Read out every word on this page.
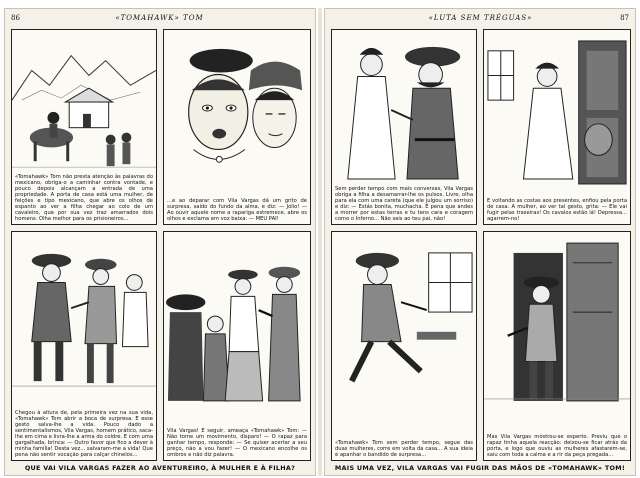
86	«TOMAHAWK» TOM
«Tomahawk» Tom não presta atenção às palavras do mexicano, obriga-o a caminhar contra vontade, e pouco depois alcançam a entrada de uma propriedade. A porta de casa está uma mulher, de feições e tipo mexicano, que abre os olhos de espanto ao ver a filha chegar ao colo de um cavaleiro, que por sua vez traz amarrados dois homens. Olha melhor para os prisioneiros...
...e ao deparar com Vila Vargas dá um grito de surpresa, saído do fundo da alma, e diz: — Jolio! — Ao ouvir aquele nome a rapariga estremece, abre os olhos e exclama em voz baixa: — MEU PAI!
Chegou à altura de, pela primeira vez na sua vida, «Tomahawk» Tom abrir a boca de surpresa. E esse gesto salva-lhe a vida. Pouco dado a sentimentalismos, Vila Vargas, homem prático, saca-lhe em cima e livra-lhe a arma do coldre. E com uma gargalhada, brinca: — Outro favor que fico a dever à minha família! Desta vez... salvaram-me a vida! Que pena não sentir vocação para calçar chinelos...
Vila Vargas! E seguir, ameaça «Tomahawk» Tom: — Não tome um movimento, disparo! — O rapaz para ganhar tempo, responde: — Se quiser acertar a seu preço, não a vou fazer! — O mexicano encolhe os ombros e não diz palavra.
QUE VAI VILA VARGAS FAZER AO AVENTUREIRO, À MULHER E À FILHA?
«LUTA SEM TRÉGUAS»	87
Sem perder tempo com mais conversas, Vila Vargas obriga a filha a desamarrar-lhe os pulsos. Livre, olha para ela com uma careta (que ele julgou um sorriso) e diz: — Estás bonita, muchacha. É pena que andes a morrer por estas terras e tu tens cara e coragem como o Inferno... Não sais ao teu pai, não!
E voltando as costas aos presentes, enfiou pela porta de casa. A mulher, ao ver tal gesto, grita: — Ele vai fugir pelas traseiras! Os cavalos estão lá! Depressa... agarrem-no!
«Tomahawk» Tom sem perder tempo, segue das duas mulheres, corre em volta da casa... A sua ideia é apanhar o bandido de surpresa...
Mas Vila Vargas mostrou-se esperto. Previu que o rapaz tinha aquela reacção: deixou-se ficar atrás da porta, e logo que ouviu as mulheres afastarem-se, saiu com toda a calma e a rir da peça pregada...
MAIS UMA VEZ, VILA VARGAS VAI FUGIR DAS MÃOS DE «TOMAHAWK» TOM!
